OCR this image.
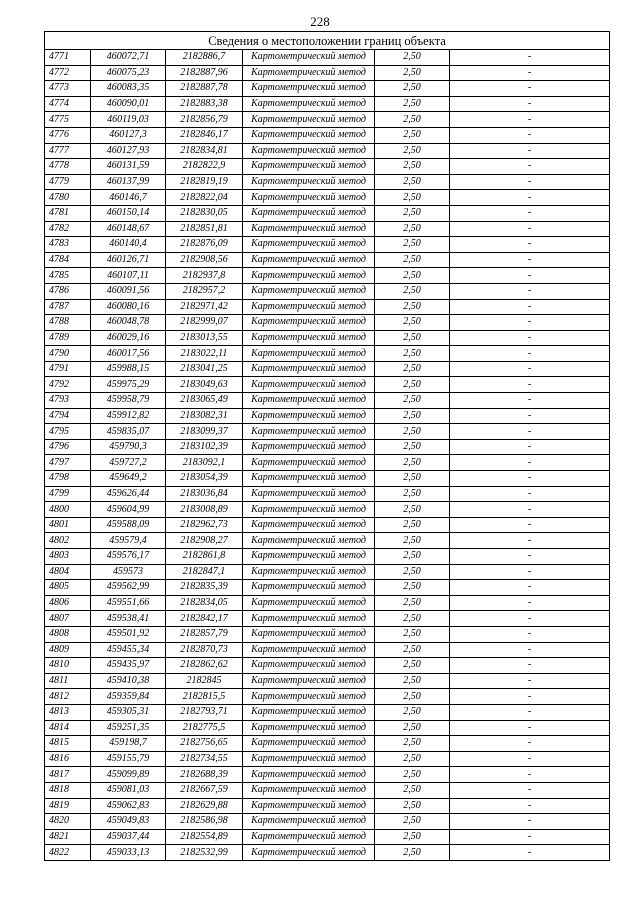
228
Сведения о местоположении границ объекта					
4771	460072,71	2182886,7	Картометрический метод	2,50	-
4772	460075,23	2182887,96	Картометрический метод	2,50	-
4773	460083,35	2182887,78	Картометрический метод	2,50	-
4774	460090,01	2182883,38	Картометрический метод	2,50	-
4775	460119,03	2182856,79	Картометрический метод	2,50	-
4776	460127,3	2182846,17	Картометрический метод	2,50	-
4777	460127,93	2182834,81	Картометрический метод	2,50	-
4778	460131,59	2182822,9	Картометрический метод	2,50	-
4779	460137,99	2182819,19	Картометрический метод	2,50	-
4780	460146,7	2182822,04	Картометрический метод	2,50	-
4781	460150,14	2182830,05	Картометрический метод	2,50	-
4782	460148,67	2182851,81	Картометрический метод	2,50	-
4783	460140,4	2182876,09	Картометрический метод	2,50	-
4784	460126,71	2182908,56	Картометрический метод	2,50	-
4785	460107,11	2182937,8	Картометрический метод	2,50	-
4786	460091,56	2182957,2	Картометрический метод	2,50	-
4787	460080,16	2182971,42	Картометрический метод	2,50	-
4788	460048,78	2182999,07	Картометрический метод	2,50	-
4789	460029,16	2183013,55	Картометрический метод	2,50	-
4790	460017,56	2183022,11	Картометрический метод	2,50	-
4791	459988,15	2183041,25	Картометрический метод	2,50	-
4792	459975,29	2183049,63	Картометрический метод	2,50	-
4793	459958,79	2183065,49	Картометрический метод	2,50	-
4794	459912,82	2183082,31	Картометрический метод	2,50	-
4795	459835,07	2183099,37	Картометрический метод	2,50	-
4796	459790,3	2183102,39	Картометрический метод	2,50	-
4797	459727,2	2183092,1	Картометрический метод	2,50	-
4798	459649,2	2183054,39	Картометрический метод	2,50	-
4799	459626,44	2183036,84	Картометрический метод	2,50	-
4800	459604,99	2183008,89	Картометрический метод	2,50	-
4801	459588,09	2182962,73	Картометрический метод	2,50	-
4802	459579,4	2182908,27	Картометрический метод	2,50	-
4803	459576,17	2182861,8	Картометрический метод	2,50	-
4804	459573	2182847,1	Картометрический метод	2,50	-
4805	459562,99	2182835,39	Картометрический метод	2,50	-
4806	459551,66	2182834,05	Картометрический метод	2,50	-
4807	459538,41	2182842,17	Картометрический метод	2,50	-
4808	459501,92	2182857,79	Картометрический метод	2,50	-
4809	459455,34	2182870,73	Картометрический метод	2,50	-
4810	459435,97	2182862,62	Картометрический метод	2,50	-
4811	459410,38	2182845	Картометрический метод	2,50	-
4812	459359,84	2182815,5	Картометрический метод	2,50	-
4813	459305,31	2182793,71	Картометрический метод	2,50	-
4814	459251,35	2182775,5	Картометрический метод	2,50	-
4815	459198,7	2182756,65	Картометрический метод	2,50	-
4816	459155,79	2182734,55	Картометрический метод	2,50	-
4817	459099,89	2182688,39	Картометрический метод	2,50	-
4818	459081,03	2182667,59	Картометрический метод	2,50	-
4819	459062,83	2182629,88	Картометрический метод	2,50	-
4820	459049,83	2182586,98	Картометрический метод	2,50	-
4821	459037,44	2182554,89	Картометрический метод	2,50	-
4822	459033,13	2182532,99	Картометрический метод	2,50	-
